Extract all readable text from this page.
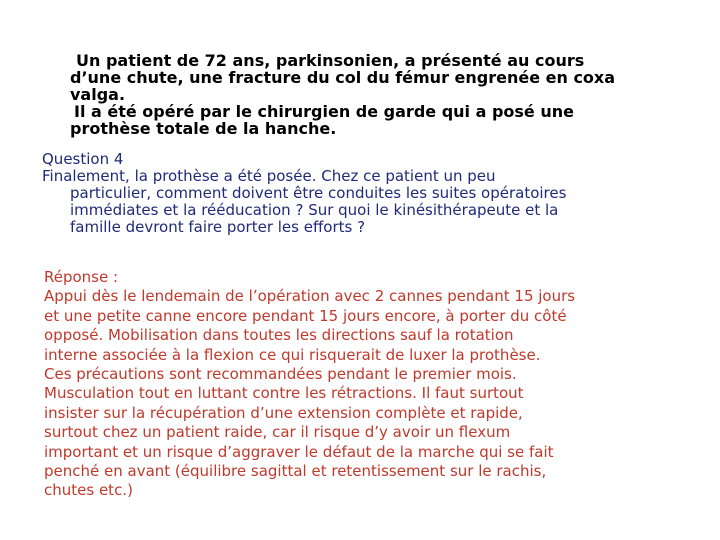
Un patient de 72 ans, parkinsonien, a présenté au cours
d’une chute, une fracture du col du fémur engrenée en coxa
valga.
Il a été opéré par le chirurgien de garde qui a posé une
prothèse totale de la hanche.
Question 4
Finalement, la prothèse a été posée. Chez ce patient un peu
particulier, comment doivent être conduites les suites opératoires
immédiates et la rééducation ? Sur quoi le kinésithérapeute et la
famille devront faire porter les efforts ?
Réponse :
Appui dès le lendemain de l’opération avec 2 cannes pendant 15 jours
et une petite canne encore pendant 15 jours encore, à porter du côté
opposé. Mobilisation dans toutes les directions sauf la rotation
interne associée à la flexion ce qui risquerait de luxer la prothèse.
Ces précautions sont recommandées pendant le premier mois.
Musculation tout en luttant contre les rétractions. Il faut surtout
insister sur la récupération d’une extension complète et rapide,
surtout chez un patient raide, car il risque d’y avoir un flexum
important et un risque d’aggraver le défaut de la marche qui se fait
penché en avant (équilibre sagittal et retentissement sur le rachis,
chutes etc.)
